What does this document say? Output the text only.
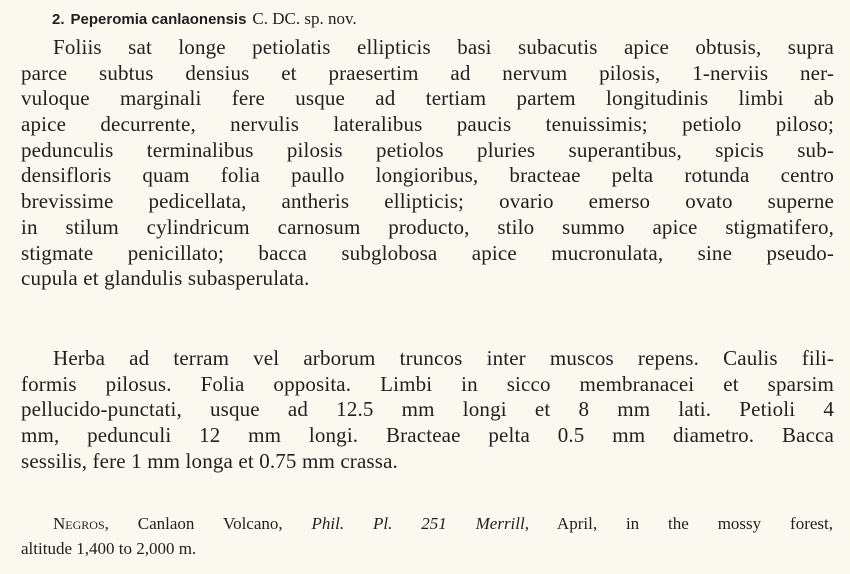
2. Peperomia canlaonensis C. DC. sp. nov.
Foliis sat longe petiolatis ellipticis basi subacutis apice obtusis, supra
parce subtus densius et praesertim ad nervum pilosis, 1-nerviis ner-
vuloque marginali fere usque ad tertiam partem longitudinis limbi ab
apice decurrente, nervulis lateralibus paucis tenuissimis; petiolo piloso;
pedunculis terminalibus pilosis petiolos pluries superantibus, spicis sub-
densifloris quam folia paullo longioribus, bracteae pelta rotunda centro
brevissime pedicellata, antheris ellipticis; ovario emerso ovato superne
in stilum cylindricum carnosum producto, stilo summo apice stigmatifero,
stigmate penicillato; bacca subglobosa apice mucronulata, sine pseudo-
cupula et glandulis subasperulata.
Herba ad terram vel arborum truncos inter muscos repens. Caulis fili-
formis pilosus. Folia opposita. Limbi in sicco membranacei et sparsim
pellucido-punctati, usque ad 12.5 mm longi et 8 mm lati. Petioli 4
mm, pedunculi 12 mm longi. Bracteae pelta 0.5 mm diametro. Bacca
sessilis, fere 1 mm longa et 0.75 mm crassa.
Negros, Canlaon Volcano, Phil. Pl. 251 Merrill, April, in the mossy forest,
altitude 1,400 to 2,000 m.
